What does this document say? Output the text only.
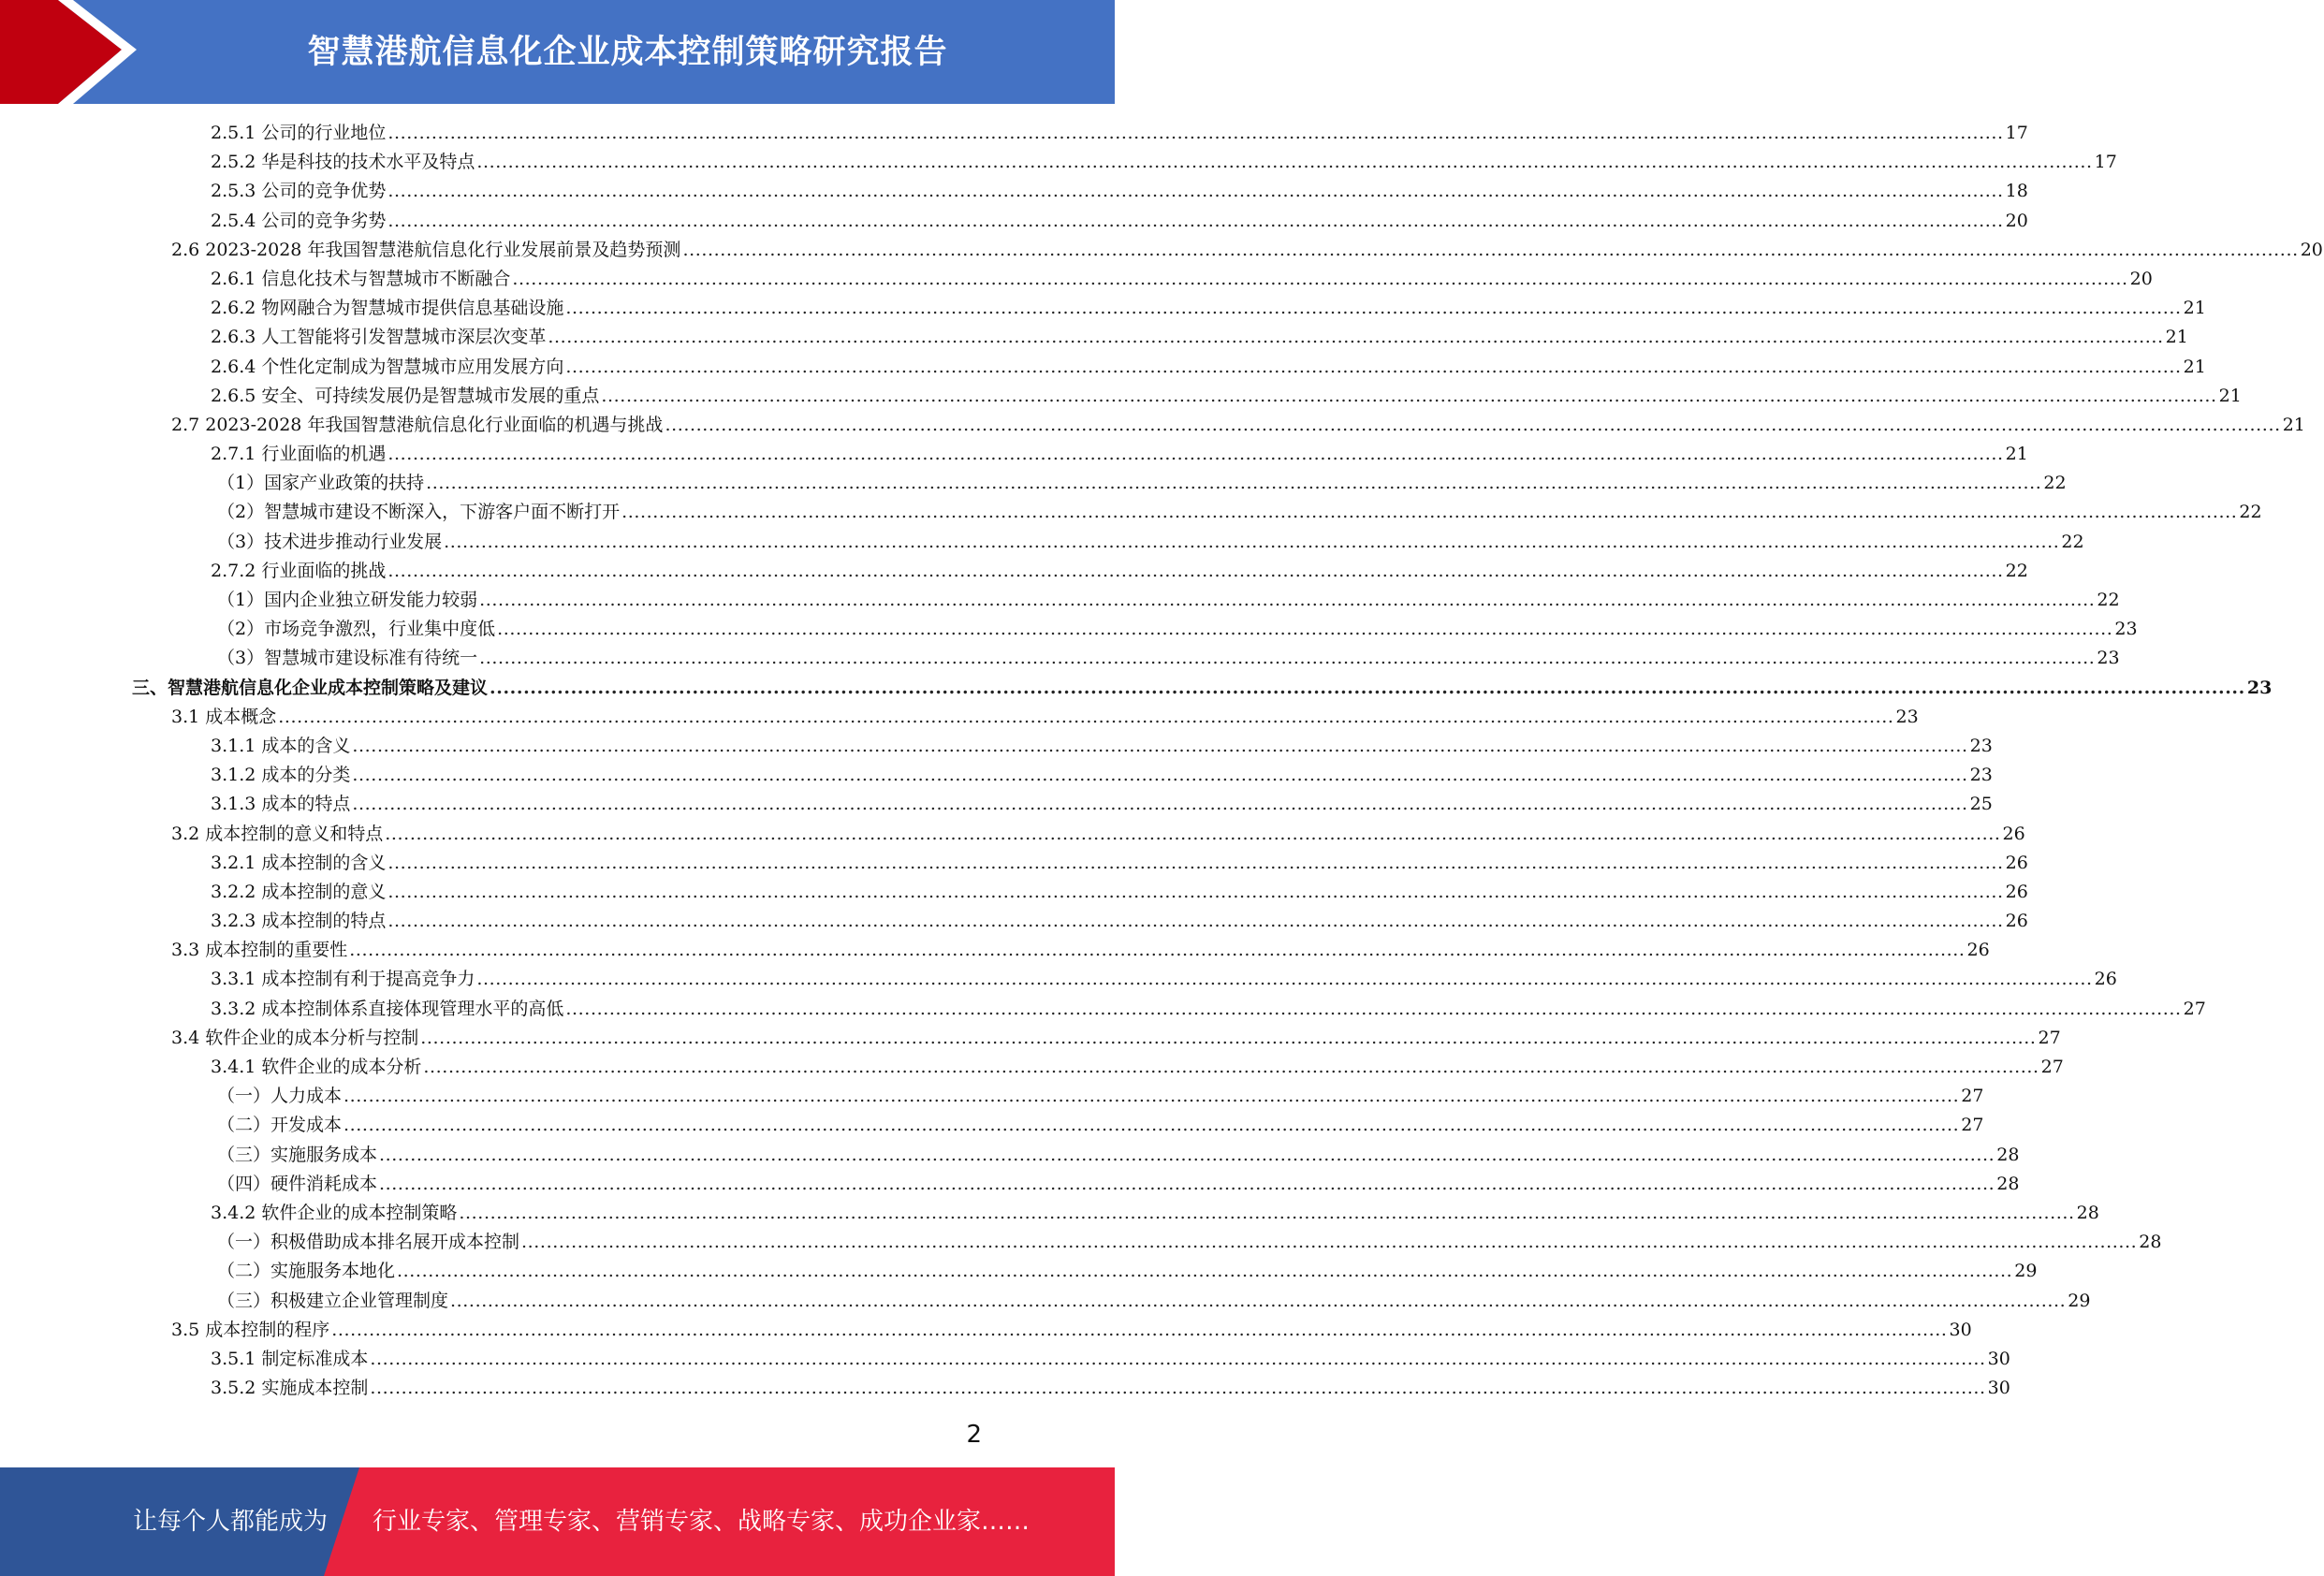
智慧港航信息化企业成本控制策略研究报告
2.5.1 公司的行业地位 .................................................................................................................................................................................................................................................................... 17
2.5.2 华是科技的技术水平及特点 .................................................................................................................................................................................................................................................................... 17
2.5.3 公司的竞争优势 .................................................................................................................................................................................................................................................................... 18
2.5.4 公司的竞争劣势 .................................................................................................................................................................................................................................................................... 20
2.6 2023-2028 年我国智慧港航信息化行业发展前景及趋势预测 .................................................................................................................................................................................................................................................................... 20
2.6.1 信息化技术与智慧城市不断融合 .................................................................................................................................................................................................................................................................... 20
2.6.2 物网融合为智慧城市提供信息基础设施 .................................................................................................................................................................................................................................................................... 21
2.6.3 人工智能将引发智慧城市深层次变革 .................................................................................................................................................................................................................................................................... 21
2.6.4 个性化定制成为智慧城市应用发展方向 .................................................................................................................................................................................................................................................................... 21
2.6.5 安全、可持续发展仍是智慧城市发展的重点 .................................................................................................................................................................................................................................................................... 21
2.7 2023-2028 年我国智慧港航信息化行业面临的机遇与挑战 .................................................................................................................................................................................................................................................................... 21
2.7.1 行业面临的机遇 .................................................................................................................................................................................................................................................................... 21
（1）国家产业政策的扶持 .................................................................................................................................................................................................................................................................... 22
（2）智慧城市建设不断深入，下游客户面不断打开 .................................................................................................................................................................................................................................................................... 22
（3）技术进步推动行业发展 .................................................................................................................................................................................................................................................................... 22
2.7.2 行业面临的挑战 .................................................................................................................................................................................................................................................................... 22
（1）国内企业独立研发能力较弱 .................................................................................................................................................................................................................................................................... 22
（2）市场竞争激烈，行业集中度低 .................................................................................................................................................................................................................................................................... 23
（3）智慧城市建设标准有待统一 .................................................................................................................................................................................................................................................................... 23
三、智慧港航信息化企业成本控制策略及建议 .................................................................................................................................................................................................................................................................... 23
3.1 成本概念 .................................................................................................................................................................................................................................................................... 23
3.1.1 成本的含义 .................................................................................................................................................................................................................................................................... 23
3.1.2 成本的分类 .................................................................................................................................................................................................................................................................... 23
3.1.3 成本的特点 .................................................................................................................................................................................................................................................................... 25
3.2 成本控制的意义和特点 .................................................................................................................................................................................................................................................................... 26
3.2.1 成本控制的含义 .................................................................................................................................................................................................................................................................... 26
3.2.2 成本控制的意义 .................................................................................................................................................................................................................................................................... 26
3.2.3 成本控制的特点 .................................................................................................................................................................................................................................................................... 26
3.3 成本控制的重要性 .................................................................................................................................................................................................................................................................... 26
3.3.1 成本控制有利于提高竞争力 .................................................................................................................................................................................................................................................................... 26
3.3.2 成本控制体系直接体现管理水平的高低 .................................................................................................................................................................................................................................................................... 27
3.4 软件企业的成本分析与控制 .................................................................................................................................................................................................................................................................... 27
3.4.1 软件企业的成本分析 .................................................................................................................................................................................................................................................................... 27
（一）人力成本 .................................................................................................................................................................................................................................................................... 27
（二）开发成本 .................................................................................................................................................................................................................................................................... 27
（三）实施服务成本 .................................................................................................................................................................................................................................................................... 28
（四）硬件消耗成本 .................................................................................................................................................................................................................................................................... 28
3.4.2 软件企业的成本控制策略 .................................................................................................................................................................................................................................................................... 28
（一）积极借助成本排名展开成本控制 .................................................................................................................................................................................................................................................................... 28
（二）实施服务本地化 .................................................................................................................................................................................................................................................................... 29
（三）积极建立企业管理制度 .................................................................................................................................................................................................................................................................... 29
3.5 成本控制的程序 .................................................................................................................................................................................................................................................................... 30
3.5.1 制定标准成本 .................................................................................................................................................................................................................................................................... 30
3.5.2 实施成本控制 .................................................................................................................................................................................................................................................................... 30
2
让每个人都能成为 行业专家、管理专家、营销专家、战略专家、成功企业家……
